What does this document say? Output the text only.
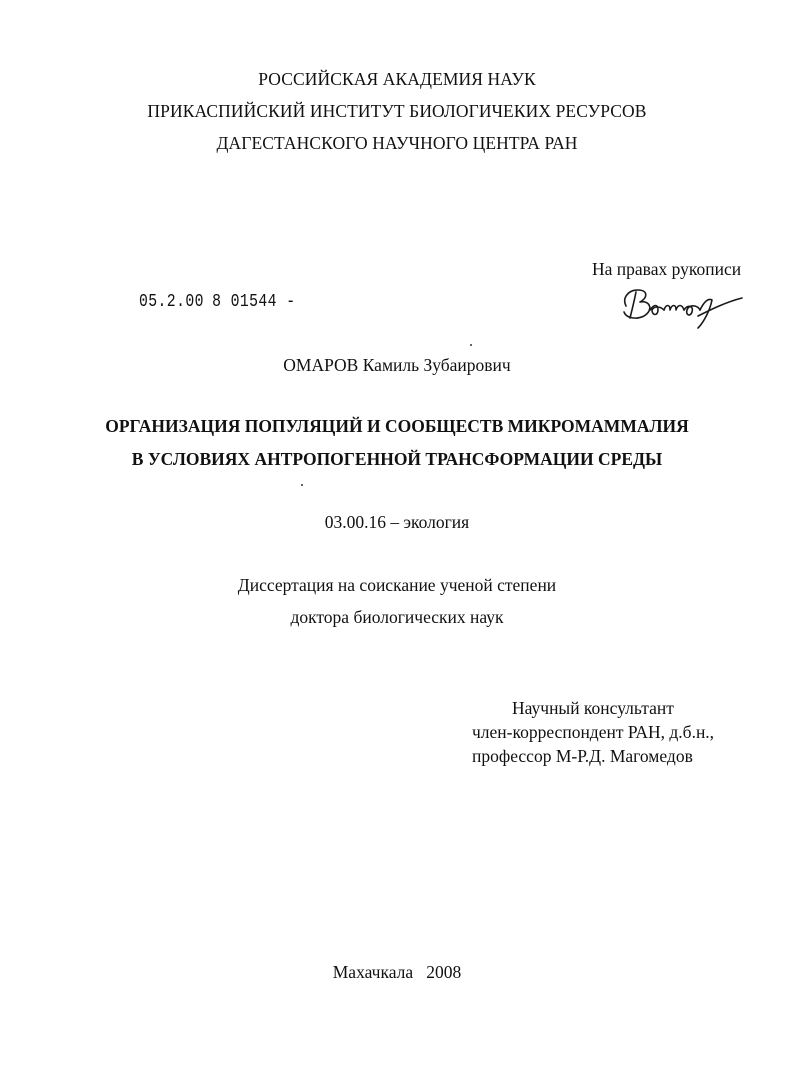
РОССИЙСКАЯ АКАДЕМИЯ НАУК
ПРИКАСПИЙСКИЙ ИНСТИТУТ БИОЛОГИЧЕКИХ РЕСУРСОВ
ДАГЕСТАНСКОГО НАУЧНОГО ЦЕНТРА РАН
На правах рукописи
05.2.00 8 01544 -
ОМАРОВ Камиль Зубаирович
ОРГАНИЗАЦИЯ ПОПУЛЯЦИЙ И СООБЩЕСТВ МИКРОМАММАЛИЯ
В УСЛОВИЯХ АНТРОПОГЕННОЙ ТРАНСФОРМАЦИИ СРЕДЫ
03.00.16 – экология
Диссертация на соискание ученой степени
доктора биологических наук
Научный консультант
член-корреспондент РАН, д.б.н.,
профессор М-Р.Д. Магомедов
Махачкала 2008
